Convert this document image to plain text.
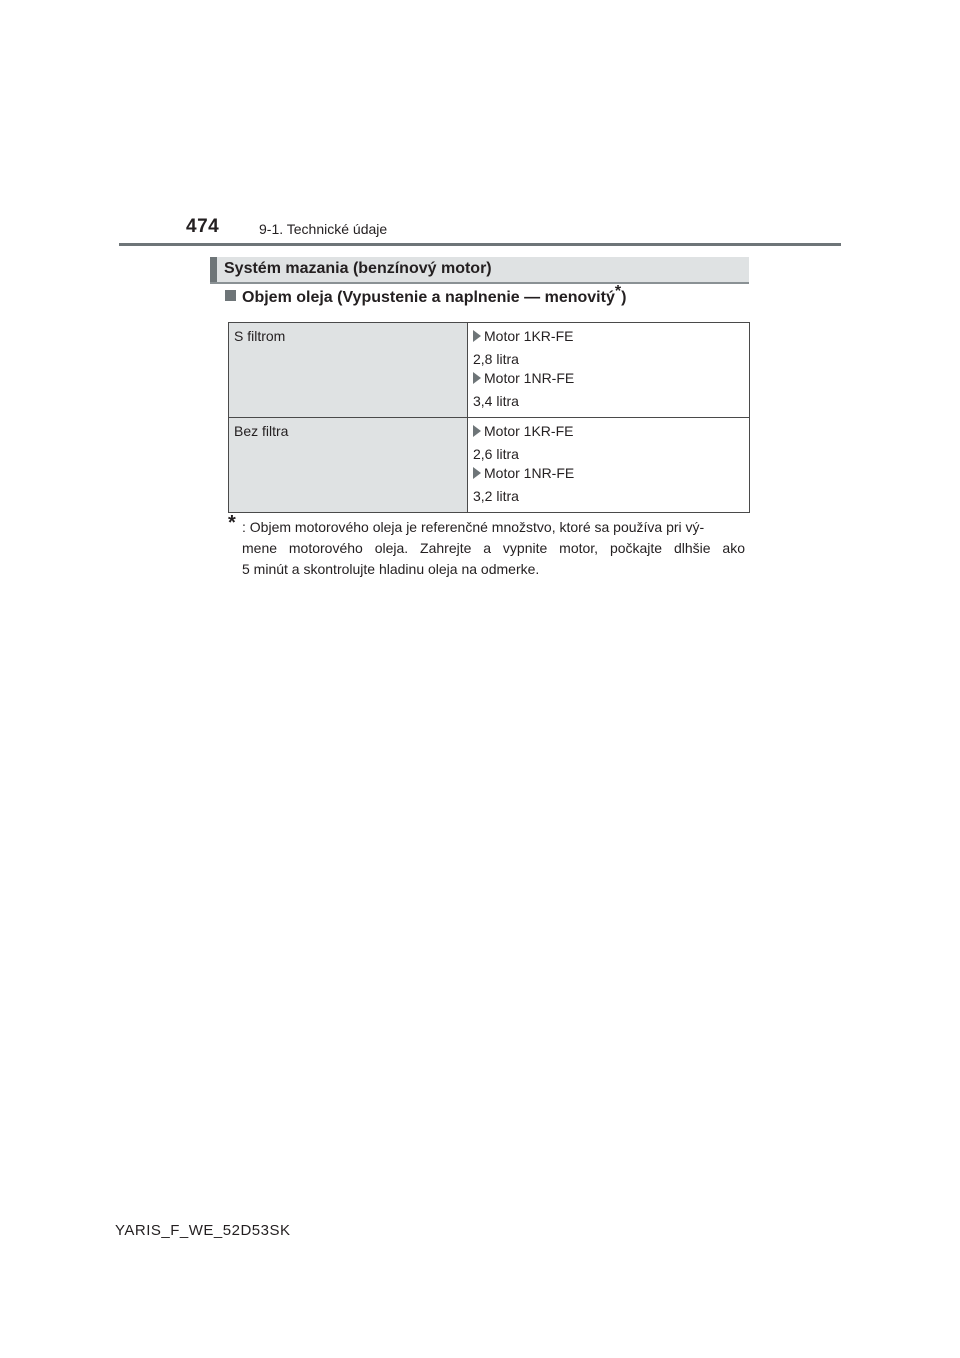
474	9-1. Technické údaje
Systém mazania (benzínový motor)
Objem oleja (Vypustenie a naplnenie — menovitý*)
S filtrom	Motor 1KR-FE
2,8 litra
Motor 1NR-FE
3,4 litra

Bez filtra	Motor 1KR-FE
2,6 litra
Motor 1NR-FE
3,2 litra
* : Objem motorového oleja je referenčné množstvo, ktoré sa používa pri vý-
mene motorového oleja. Zahrejte a vypnite motor, počkajte dlhšie ako
5 minút a skontrolujte hladinu oleja na odmerke.
YARIS_F_WE_52D53SK
